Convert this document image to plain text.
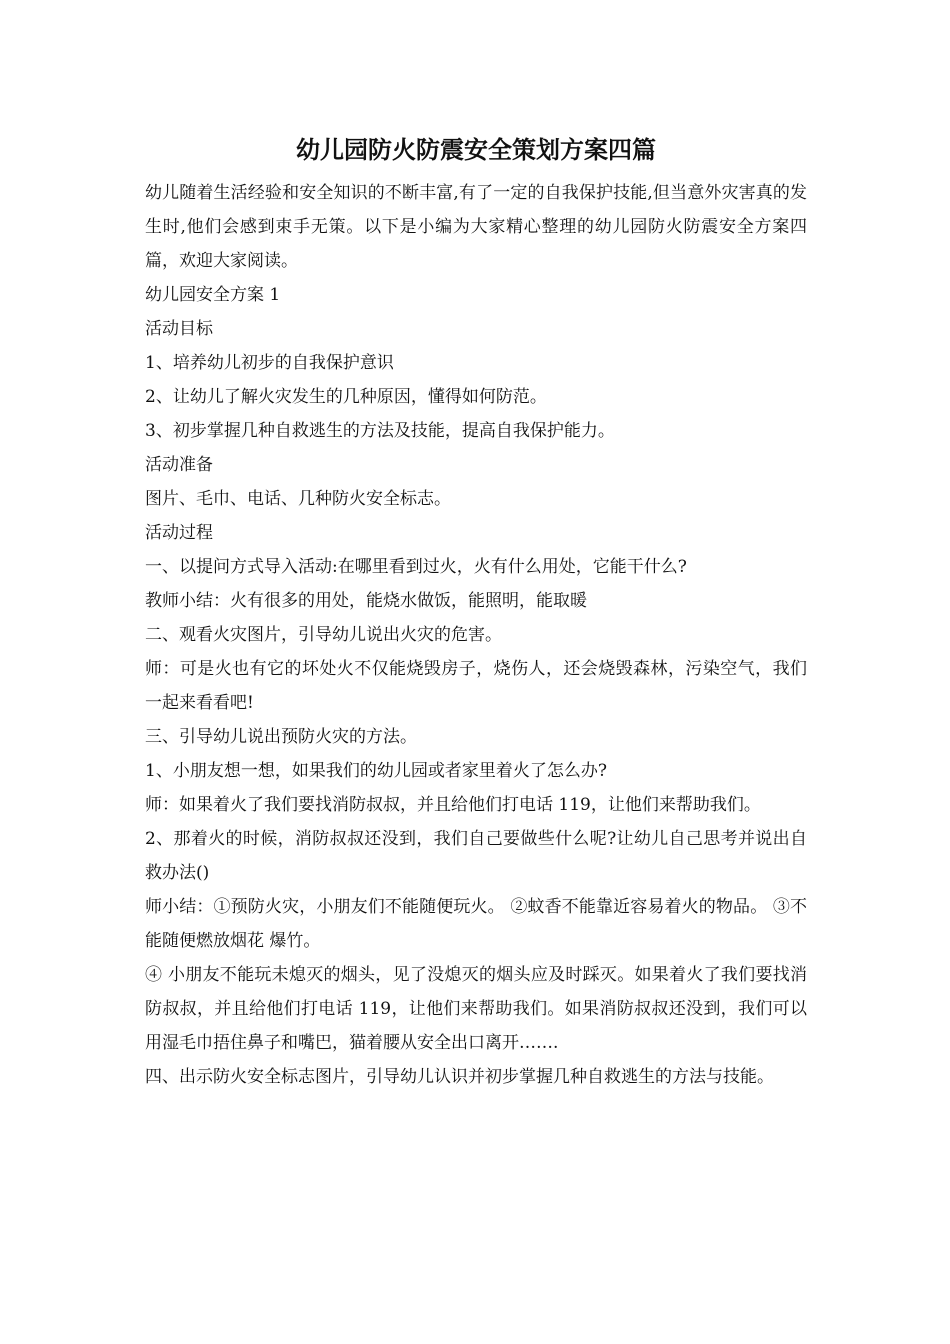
幼儿园防火防震安全策划方案四篇

幼儿随着生活经验和安全知识的不断丰富,有了一定的自我保护技能,但当意外灾害真的发生时,他们会感到束手无策。以下是小编为大家精心整理的幼儿园防火防震安全方案四篇，欢迎大家阅读。

幼儿园安全方案 1

活动目标

1、培养幼儿初步的自我保护意识

2、让幼儿了解火灾发生的几种原因，懂得如何防范。

3、初步掌握几种自救逃生的方法及技能，提高自我保护能力。

活动准备

图片、毛巾、电话、几种防火安全标志。

活动过程

一、以提问方式导入活动:在哪里看到过火，火有什么用处，它能干什么?

教师小结：火有很多的用处，能烧水做饭，能照明，能取暖

二、观看火灾图片，引导幼儿说出火灾的危害。

师：可是火也有它的坏处火不仅能烧毁房子，烧伤人，还会烧毁森林，污染空气，我们一起来看看吧!

三、引导幼儿说出预防火灾的方法。

1、小朋友想一想，如果我们的幼儿园或者家里着火了怎么办?

师：如果着火了我们要找消防叔叔，并且给他们打电话 119，让他们来帮助我们。

2、那着火的时候，消防叔叔还没到，我们自己要做些什么呢?让幼儿自己思考并说出自救办法()

师小结：①预防火灾，小朋友们不能随便玩火。 ②蚊香不能靠近容易着火的物品。 ③不能随便燃放烟花 爆竹。

④ 小朋友不能玩未熄灭的烟头，见了没熄灭的烟头应及时踩灭。如果着火了我们要找消防叔叔，并且给他们打电话 119，让他们来帮助我们。如果消防叔叔还没到，我们可以用湿毛巾捂住鼻子和嘴巴，猫着腰从安全出口离开…….

四、出示防火安全标志图片，引导幼儿认识并初步掌握几种自救逃生的方法与技能。
